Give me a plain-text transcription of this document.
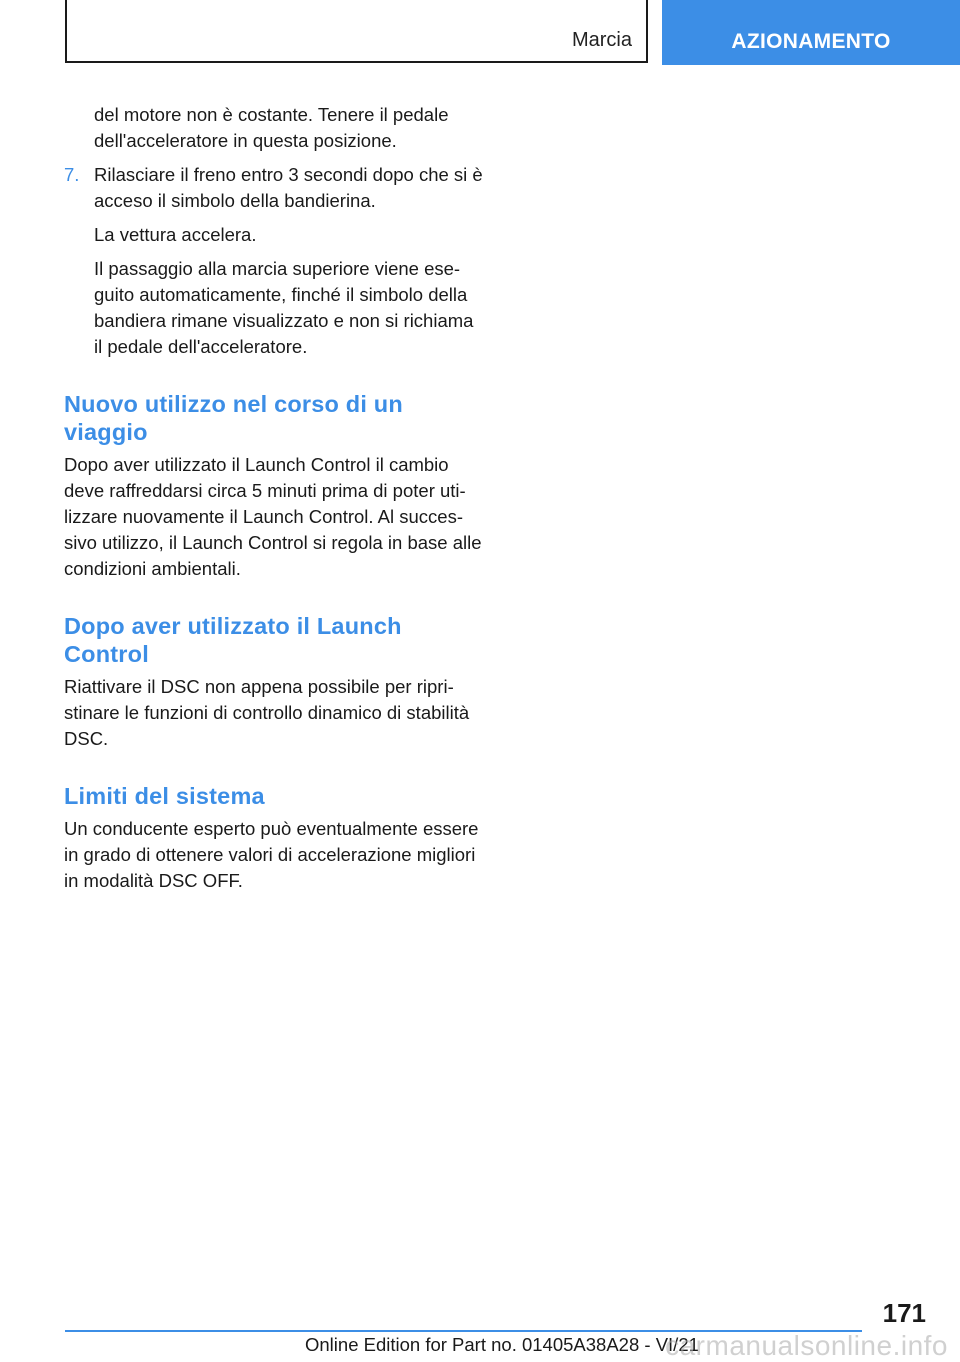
Marcia	AZIONAMENTO

del motore non è costante. Tenere il pedale dell'acceleratore in questa posizione.

7. Rilasciare il freno entro 3 secondi dopo che si è acceso il simbolo della bandierina.

La vettura accelera.

Il passaggio alla marcia superiore viene eseguito automaticamente, finché il simbolo della bandiera rimane visualizzato e non si richiama il pedale dell'acceleratore.

Nuovo utilizzo nel corso di un viaggio

Dopo aver utilizzato il Launch Control il cambio deve raffreddarsi circa 5 minuti prima di poter utilizzare nuovamente il Launch Control. Al successivo utilizzo, il Launch Control si regola in base alle condizioni ambientali.

Dopo aver utilizzato il Launch Control

Riattivare il DSC non appena possibile per ripristinare le funzioni di controllo dinamico di stabilità DSC.

Limiti del sistema

Un conducente esperto può eventualmente essere in grado di ottenere valori di accelerazione migliori in modalità DSC OFF.

171
Online Edition for Part no. 01405A38A28 - VI/21
carmanualsonline.info
